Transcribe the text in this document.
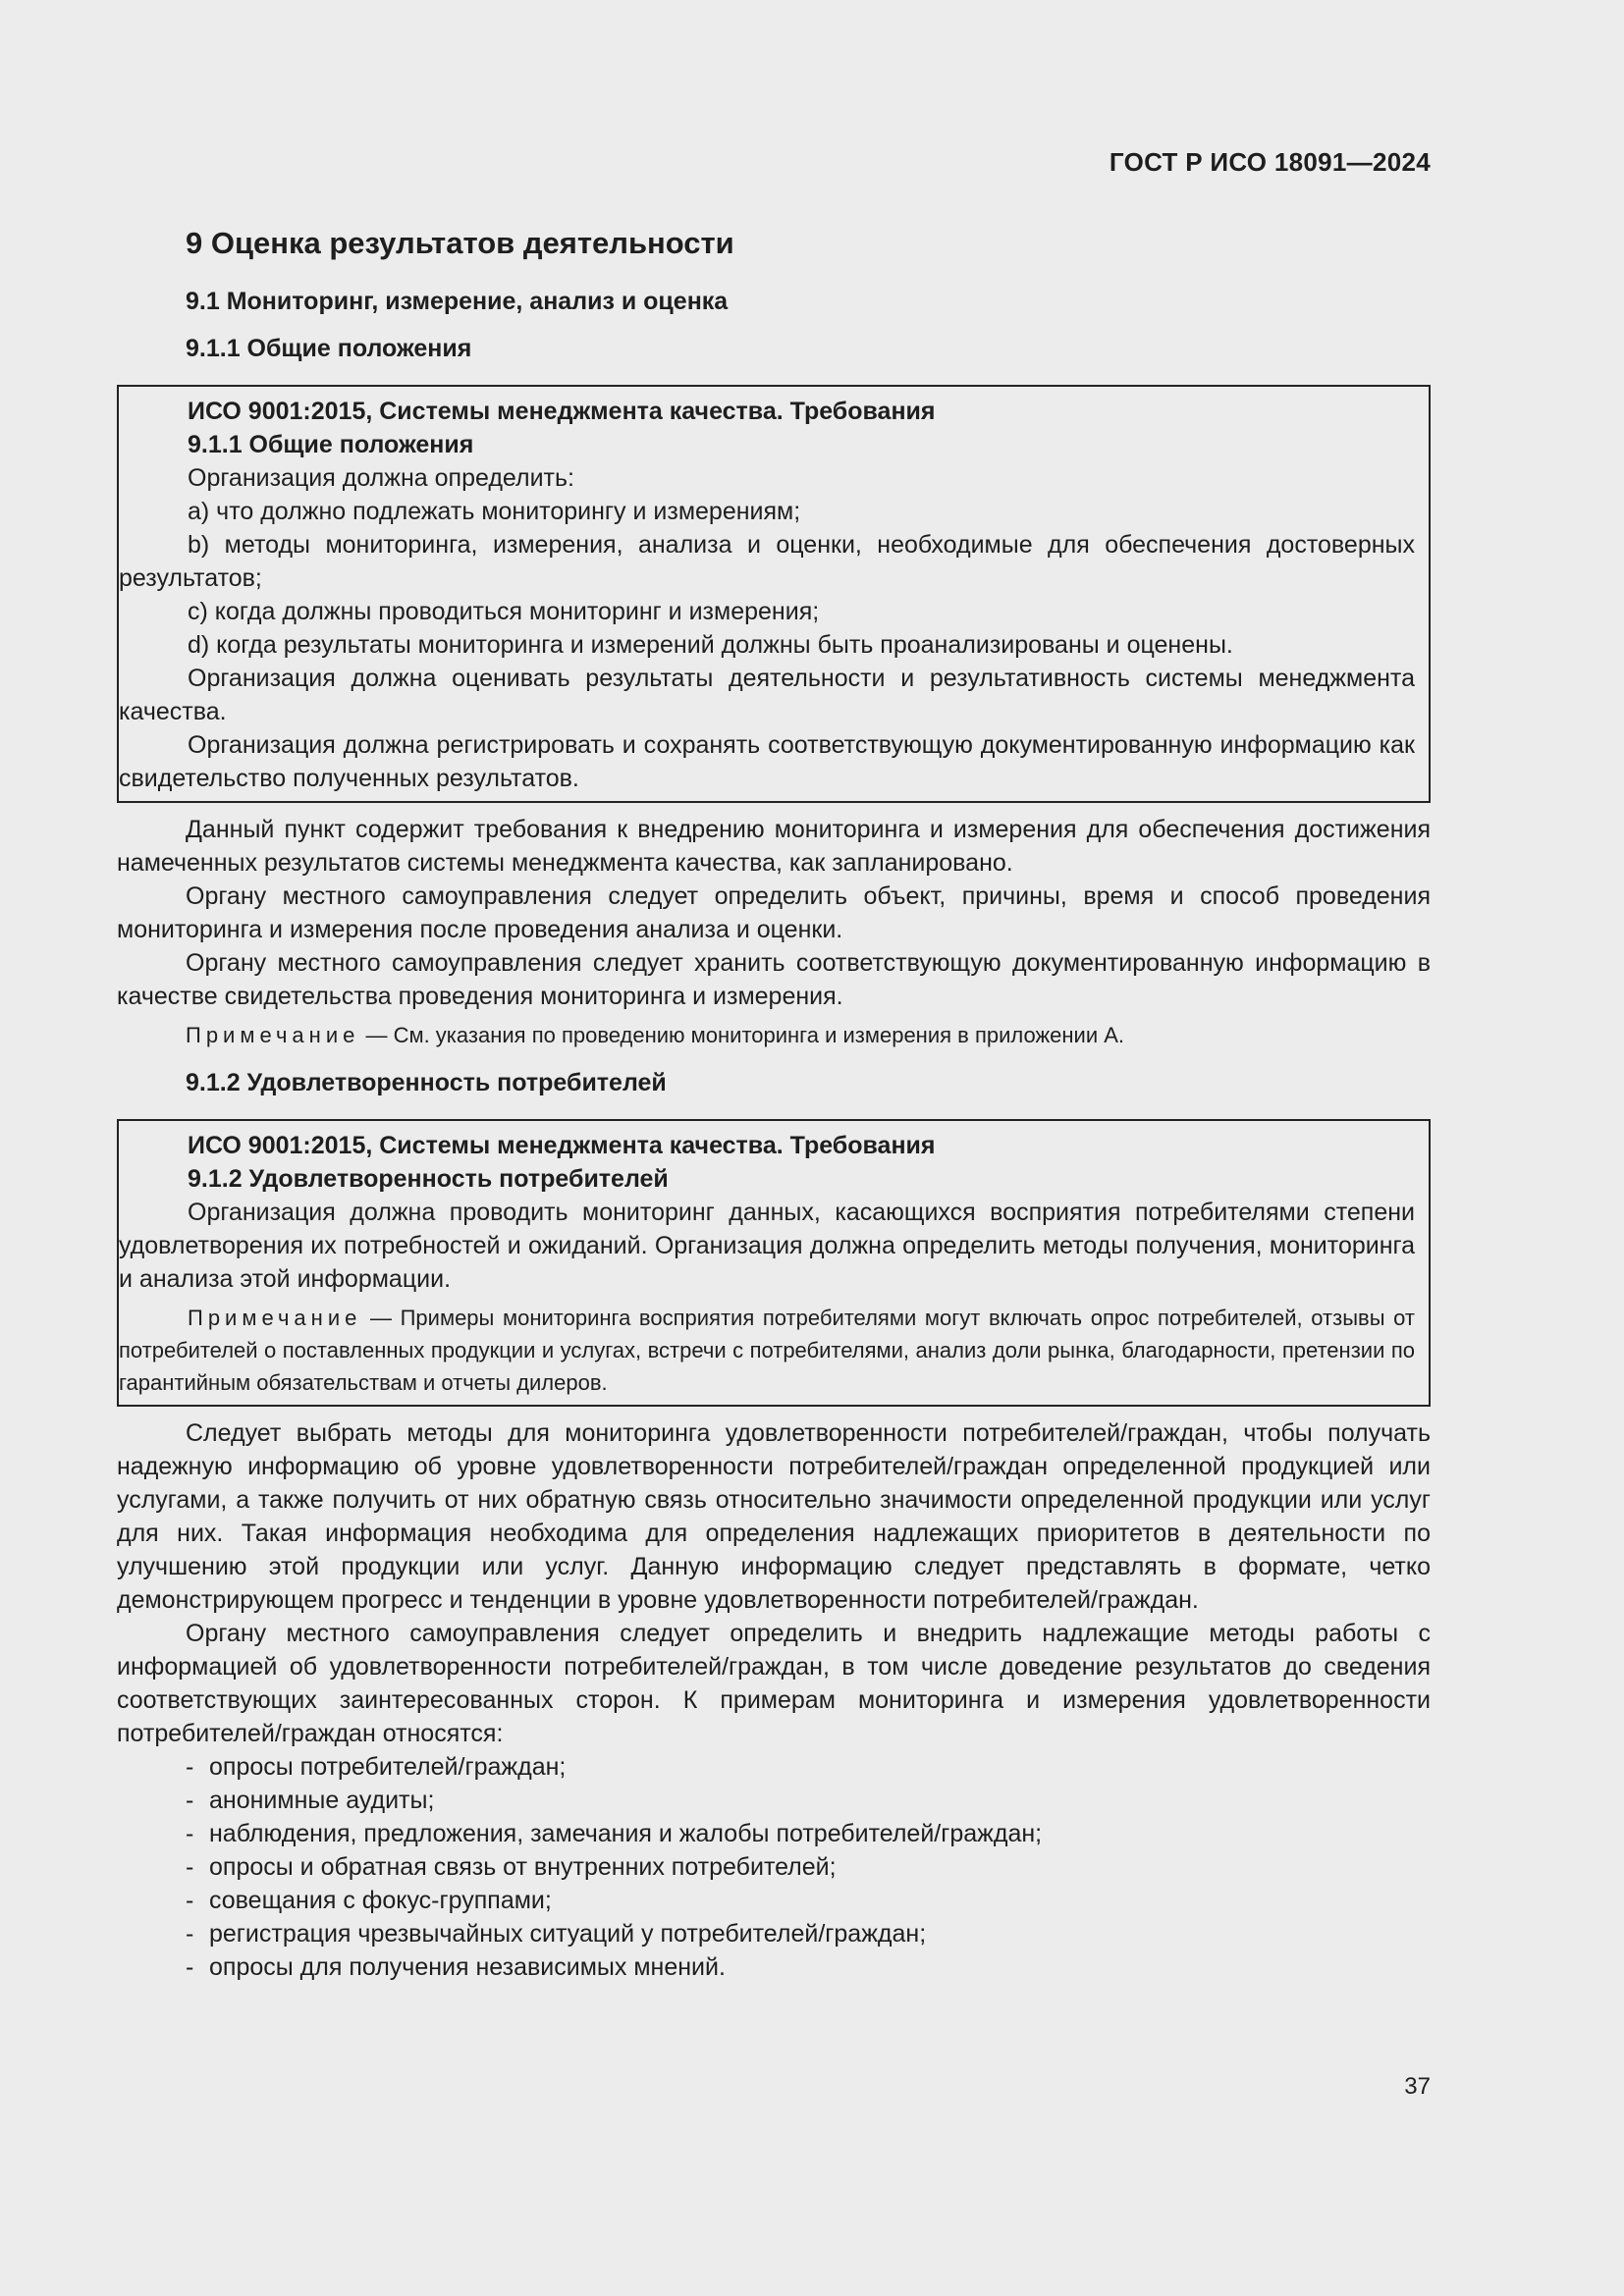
ГОСТ Р ИСО 18091—2024
9 Оценка результатов деятельности
9.1 Мониторинг, измерение, анализ и оценка
9.1.1 Общие положения
ИСО 9001:2015, Системы менеджмента качества. Требования
9.1.1 Общие положения

Организация должна определить:

a) что должно подлежать мониторингу и измерениям;

b) методы мониторинга, измерения, анализа и оценки, необходимые для обеспечения достоверных результатов;

c) когда должны проводиться мониторинг и измерения;

d) когда результаты мониторинга и измерений должны быть проанализированы и оценены.

Организация должна оценивать результаты деятельности и результативность системы менеджмента качества.

Организация должна регистрировать и сохранять соответствующую документированную информацию как свидетельство полученных результатов.

Данный пункт содержит требования к внедрению мониторинга и измерения для обеспечения достижения намеченных результатов системы менеджмента качества, как запланировано.

Органу местного самоуправления следует определить объект, причины, время и способ проведения мониторинга и измерения после проведения анализа и оценки.

Органу местного самоуправления следует хранить соответствующую документированную информацию в качестве свидетельства проведения мониторинга и измерения.

Примечание — См. указания по проведению мониторинга и измерения в приложении А.
9.1.2 Удовлетворенность потребителей
ИСО 9001:2015, Системы менеджмента качества. Требования
9.1.2 Удовлетворенность потребителей

Организация должна проводить мониторинг данных, касающихся восприятия потребителями степени удовлетворения их потребностей и ожиданий. Организация должна определить методы получения, мониторинга и анализа этой информации.

Примечание — Примеры мониторинга восприятия потребителями могут включать опрос потребителей, отзывы от потребителей о поставленных продукции и услугах, встречи с потребителями, анализ доли рынка, благодарности, претензии по гарантийным обязательствам и отчеты дилеров.

Следует выбрать методы для мониторинга удовлетворенности потребителей/граждан, чтобы получать надежную информацию об уровне удовлетворенности потребителей/граждан определенной продукцией или услугами, а также получить от них обратную связь относительно значимости определенной продукции или услуг для них. Такая информация необходима для определения надлежащих приоритетов в деятельности по улучшению этой продукции или услуг. Данную информацию следует представлять в формате, четко демонстрирующем прогресс и тенденции в уровне удовлетворенности потребителей/граждан.

Органу местного самоуправления следует определить и внедрить надлежащие методы работы с информацией об удовлетворенности потребителей/граждан, в том числе доведение результатов до сведения соответствующих заинтересованных сторон. К примерам мониторинга и измерения удовлетворенности потребителей/граждан относятся:

- опросы потребителей/граждан;
- анонимные аудиты;
- наблюдения, предложения, замечания и жалобы потребителей/граждан;
- опросы и обратная связь от внутренних потребителей;
- совещания с фокус-группами;
- регистрация чрезвычайных ситуаций у потребителей/граждан;
- опросы для получения независимых мнений.
37
